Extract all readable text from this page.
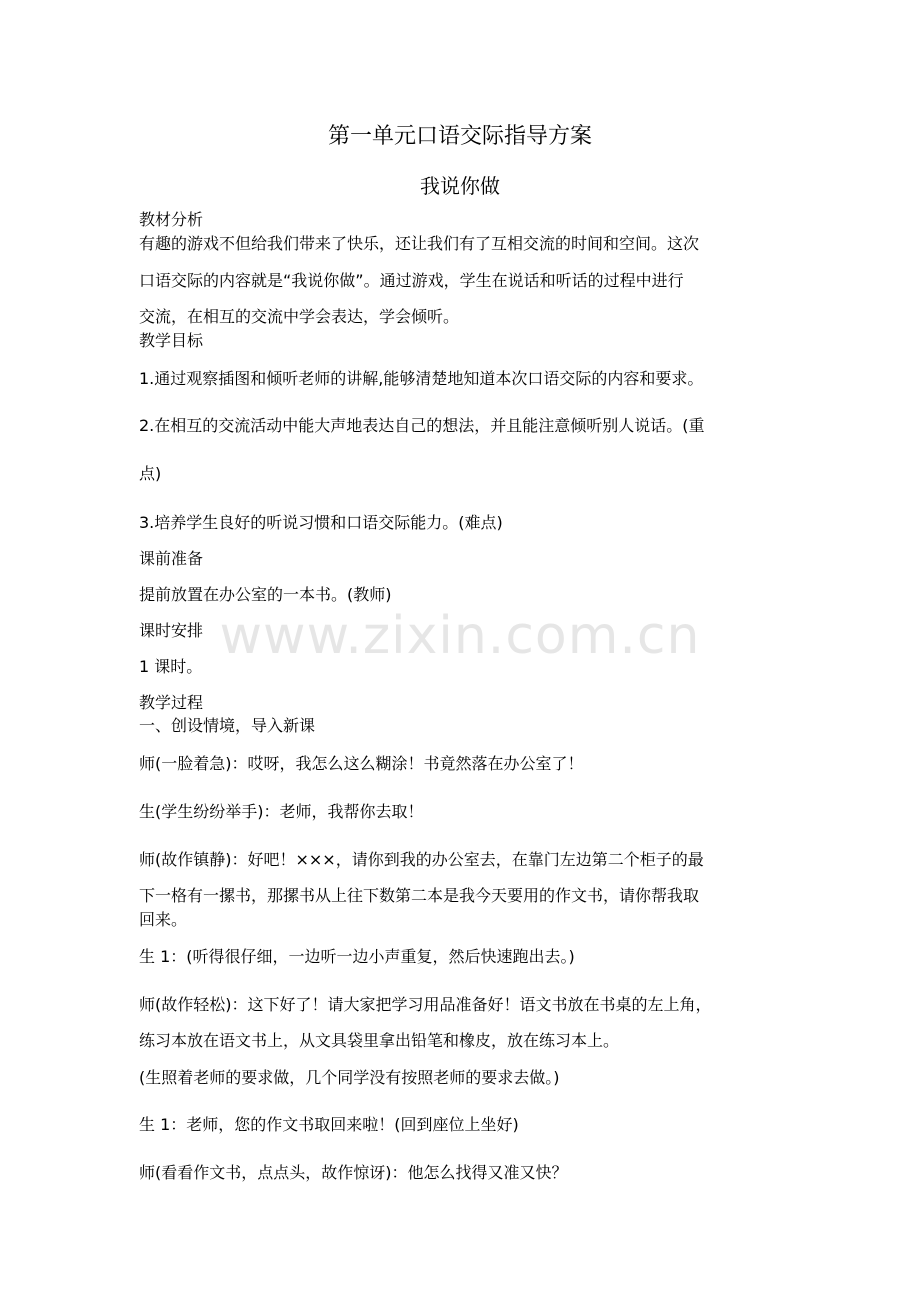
www.zixin.com.cn
第一单元口语交际指导方案
我说你做
教材分析
有趣的游戏不但给我们带来了快乐，还让我们有了互相交流的时间和空间。这次
口语交际的内容就是“我说你做”。通过游戏，学生在说话和听话的过程中进行
交流，在相互的交流中学会表达，学会倾听。
教学目标
1.通过观察插图和倾听老师的讲解,能够清楚地知道本次口语交际的内容和要求。
2.在相互的交流活动中能大声地表达自己的想法，并且能注意倾听别人说话。(重
点)
3.培养学生良好的听说习惯和口语交际能力。(难点)
课前准备
提前放置在办公室的一本书。(教师)
课时安排
1 课时。
教学过程
一、创设情境，导入新课
师(一脸着急)：哎呀，我怎么这么糊涂！书竟然落在办公室了！
生(学生纷纷举手)：老师，我帮你去取！
师(故作镇静)：好吧！×××，请你到我的办公室去，在靠门左边第二个柜子的最
下一格有一摞书，那摞书从上往下数第二本是我今天要用的作文书，请你帮我取
回来。
生 1：(听得很仔细，一边听一边小声重复，然后快速跑出去。)
师(故作轻松)：这下好了！请大家把学习用品准备好！语文书放在书桌的左上角，
练习本放在语文书上，从文具袋里拿出铅笔和橡皮，放在练习本上。
(生照着老师的要求做，几个同学没有按照老师的要求去做。)
生 1：老师，您的作文书取回来啦！(回到座位上坐好)
师(看看作文书，点点头，故作惊讶)：他怎么找得又准又快？
